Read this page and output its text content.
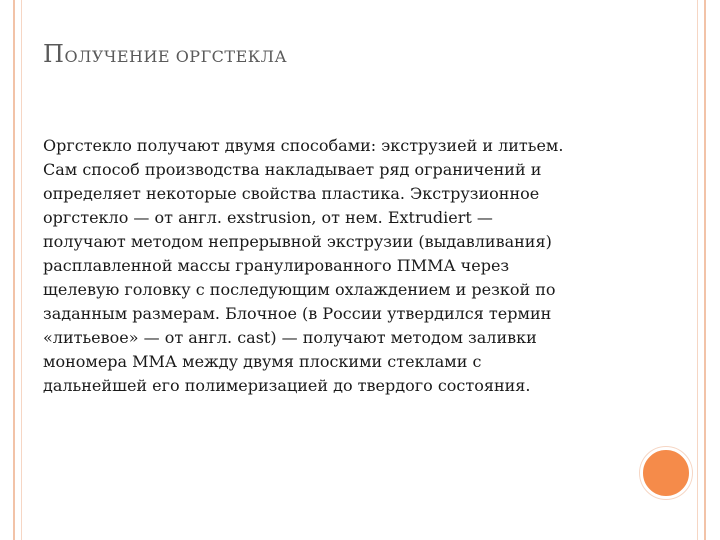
ПОЛУЧЕНИЕ ОРГСТЕКЛА
Оргстекло получают двумя способами: экструзией и литьем.
Сам способ производства накладывает ряд ограничений и
определяет некоторые свойства пластика. Экструзионное
оргстекло — от англ. exstrusion, от нем. Extrudiert —
получают методом непрерывной экструзии (выдавливания)
расплавленной массы гранулированного ПММА через
щелевую головку с последующим охлаждением и резкой по
заданным размерам. Блочное (в России утвердился термин
«литьевое» — от англ. cast) — получают методом заливки
мономера ММА между двумя плоскими стеклами с
дальнейшей его полимеризацией до твердого состояния.
